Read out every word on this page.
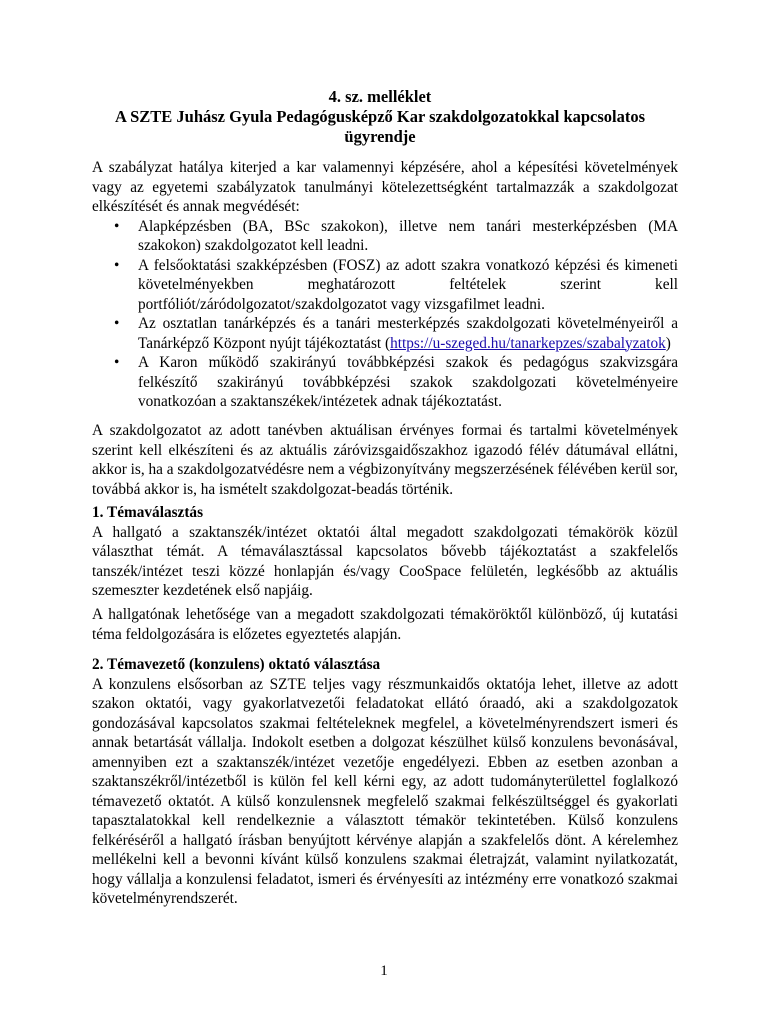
4. sz. melléklet
A SZTE Juhász Gyula Pedagógusképző Kar szakdolgozatokkal kapcsolatos
ügyrendje

A szabályzat hatálya kiterjed a kar valamennyi képzésére, ahol a képesítési követelmények vagy az egyetemi szabályzatok tanulmányi kötelezettségként tartalmazzák a szakdolgozat elkészítését és annak megvédését:

• Alapképzésben (BA, BSc szakokon), illetve nem tanári mesterképzésben (MA szakokon) szakdolgozatot kell leadni.
• A felsőoktatási szakképzésben (FOSZ) az adott szakra vonatkozó képzési és kimeneti követelményekben meghatározott feltételek szerint kell portfóliót/záródolgozatot/szakdolgozatot vagy vizsgafilmet leadni.
• Az osztatlan tanárképzés és a tanári mesterképzés szakdolgozati követelményeiről a Tanárképző Központ nyújt tájékoztatást (https://u-szeged.hu/tanarkepzes/szabalyzatok)
• A Karon működő szakirányú továbbképzési szakok és pedagógus szakvizsgára felkészítő szakirányú továbbképzési szakok szakdolgozati követelményeire vonatkozóan a szaktanszékek/intézetek adnak tájékoztatást.

A szakdolgozatot az adott tanévben aktuálisan érvényes formai és tartalmi követelmények szerint kell elkészíteni és az aktuális záróvizsgaidőszakhoz igazodó félév dátumával ellátni, akkor is, ha a szakdolgozatvédésre nem a végbizonyítvány megszerzésének félévében kerül sor, továbbá akkor is, ha ismételt szakdolgozat-beadás történik.

1. Témaválasztás

A hallgató a szaktanszék/intézet oktatói által megadott szakdolgozati témakörök közül választhat témát. A témaválasztással kapcsolatos bővebb tájékoztatást a szakfelelős tanszék/intézet teszi közzé honlapján és/vagy CooSpace felületén, legkésőbb az aktuális szemeszter kezdetének első napjáig.

A hallgatónak lehetősége van a megadott szakdolgozati témaköröktől különböző, új kutatási téma feldolgozására is előzetes egyeztetés alapján.

2. Témavezető (konzulens) oktató választása

A konzulens elsősorban az SZTE teljes vagy részmunkaidős oktatója lehet, illetve az adott szakon oktatói, vagy gyakorlatvezetői feladatokat ellátó óraadó, aki a szakdolgozatok gondozásával kapcsolatos szakmai feltételeknek megfelel, a követelményrendszert ismeri és annak betartását vállalja. Indokolt esetben a dolgozat készülhet külső konzulens bevonásával, amennyiben ezt a szaktanszék/intézet vezetője engedélyezi. Ebben az esetben azonban a szaktanszékről/intézetből is külön fel kell kérni egy, az adott tudományterülettel foglalkozó témavezető oktatót. A külső konzulensnek megfelelő szakmai felkészültséggel és gyakorlati tapasztalatokkal kell rendelkeznie a választott témakör tekintetében. Külső konzulens felkéréséről a hallgató írásban benyújtott kérvénye alapján a szakfelelős dönt. A kérelemhez mellékelni kell a bevonni kívánt külső konzulens szakmai életrajzát, valamint nyilatkozatát, hogy vállalja a konzulensi feladatot, ismeri és érvényesíti az intézmény erre vonatkozó szakmai követelményrendszerét.

1
